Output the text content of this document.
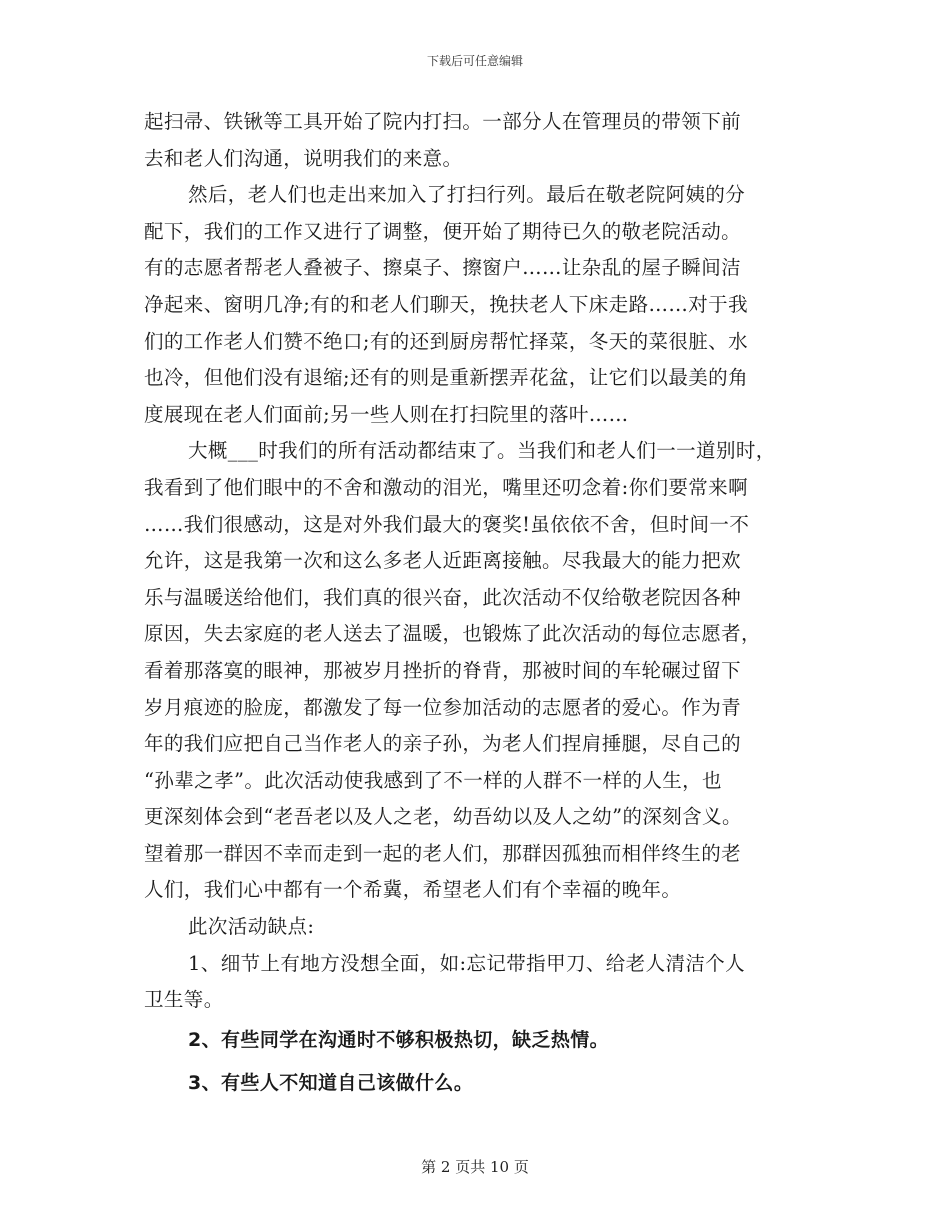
下载后可任意编辑
起扫帚、铁锹等工具开始了院内打扫。一部分人在管理员的带领下前
去和老人们沟通，说明我们的来意。
然后，老人们也走出来加入了打扫行列。最后在敬老院阿姨的分
配下，我们的工作又进行了调整，便开始了期待已久的敬老院活动。
有的志愿者帮老人叠被子、擦桌子、擦窗户……让杂乱的屋子瞬间洁
净起来、窗明几净;有的和老人们聊天，挽扶老人下床走路……对于我
们的工作老人们赞不绝口;有的还到厨房帮忙择菜，冬天的菜很脏、水
也冷，但他们没有退缩;还有的则是重新摆弄花盆，让它们以最美的角
度展现在老人们面前;另一些人则在打扫院里的落叶……
大概___时我们的所有活动都结束了。当我们和老人们一一道别时，
我看到了他们眼中的不舍和激动的泪光，嘴里还叨念着:你们要常来啊
……我们很感动，这是对外我们最大的褒奖!虽依依不舍，但时间一不
允许，这是我第一次和这么多老人近距离接触。尽我最大的能力把欢
乐与温暖送给他们，我们真的很兴奋，此次活动不仅给敬老院因各种
原因，失去家庭的老人送去了温暖，也锻炼了此次活动的每位志愿者，
看着那落寞的眼神，那被岁月挫折的脊背，那被时间的车轮碾过留下
岁月痕迹的脸庞，都激发了每一位参加活动的志愿者的爱心。作为青
年的我们应把自己当作老人的亲子孙，为老人们捏肩捶腿，尽自己的
“孙辈之孝”。此次活动使我感到了不一样的人群不一样的人生，也
更深刻体会到“老吾老以及人之老，幼吾幼以及人之幼”的深刻含义。
望着那一群因不幸而走到一起的老人们，那群因孤独而相伴终生的老
人们，我们心中都有一个希冀，希望老人们有个幸福的晚年。
此次活动缺点:
1、细节上有地方没想全面，如:忘记带指甲刀、给老人清洁个人
卫生等。
2、有些同学在沟通时不够积极热切，缺乏热情。
3、有些人不知道自己该做什么。
第 2 页共 10 页
